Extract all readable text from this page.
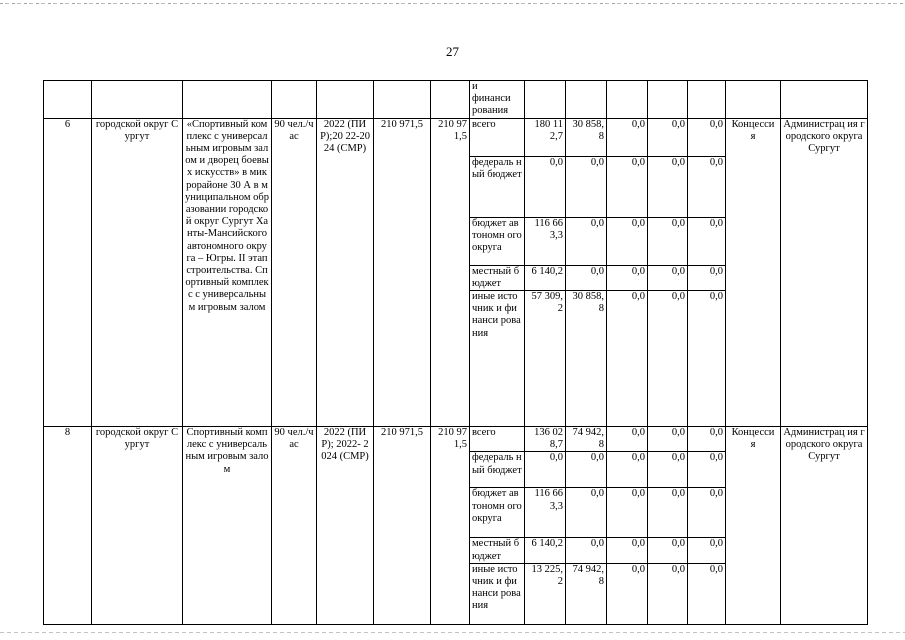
27
							и
финанси
рования							
6	городской округ Сургут	«Спортивный комплекс с универсальным игровым залом и дворец боевых искусств» в микрорайоне 30 А в муниципальном образовании городской округ Сургут Ханты-Мансийского автономного округа – Югры. II этап строительства. Спортивный комплекс с универсальным игровым залом	90 чел./ч ас	2022 (ПИР);20 22-2024 (СМР)	210 971,5	210 971,5	всего	180 112,7	30 858,8	0,0	0,0	0,0	Концесси я	Администрац ия городского округа Сургут
							федераль ный бюджет	0,0	0,0	0,0	0,0	0,0		
							бюджет автономн ого округа	116 663,3	0,0	0,0	0,0	0,0		
							местный бюджет	6 140,2	0,0	0,0	0,0	0,0		
							иные источник и финанси рования	57 309,2	30 858,8	0,0	0,0	0,0		
8	городской округ Сургут	Спортивный комплекс с универсальным игровым залом	90 чел./ч ас	2022 (ПИР); 2022- 2024 (СМР)	210 971,5	210 971,5	всего	136 028,7	74 942,8	0,0	0,0	0,0	Концесси я	Администрац ия городского округа Сургут
							федераль ный бюджет	0,0	0,0	0,0	0,0	0,0		
							бюджет автономн ого округа	116 663,3	0,0	0,0	0,0	0,0		
							местный бюджет	6 140,2	0,0	0,0	0,0	0,0		
							иные источник и финанси рования	13 225,2	74 942,8	0,0	0,0	0,0		
